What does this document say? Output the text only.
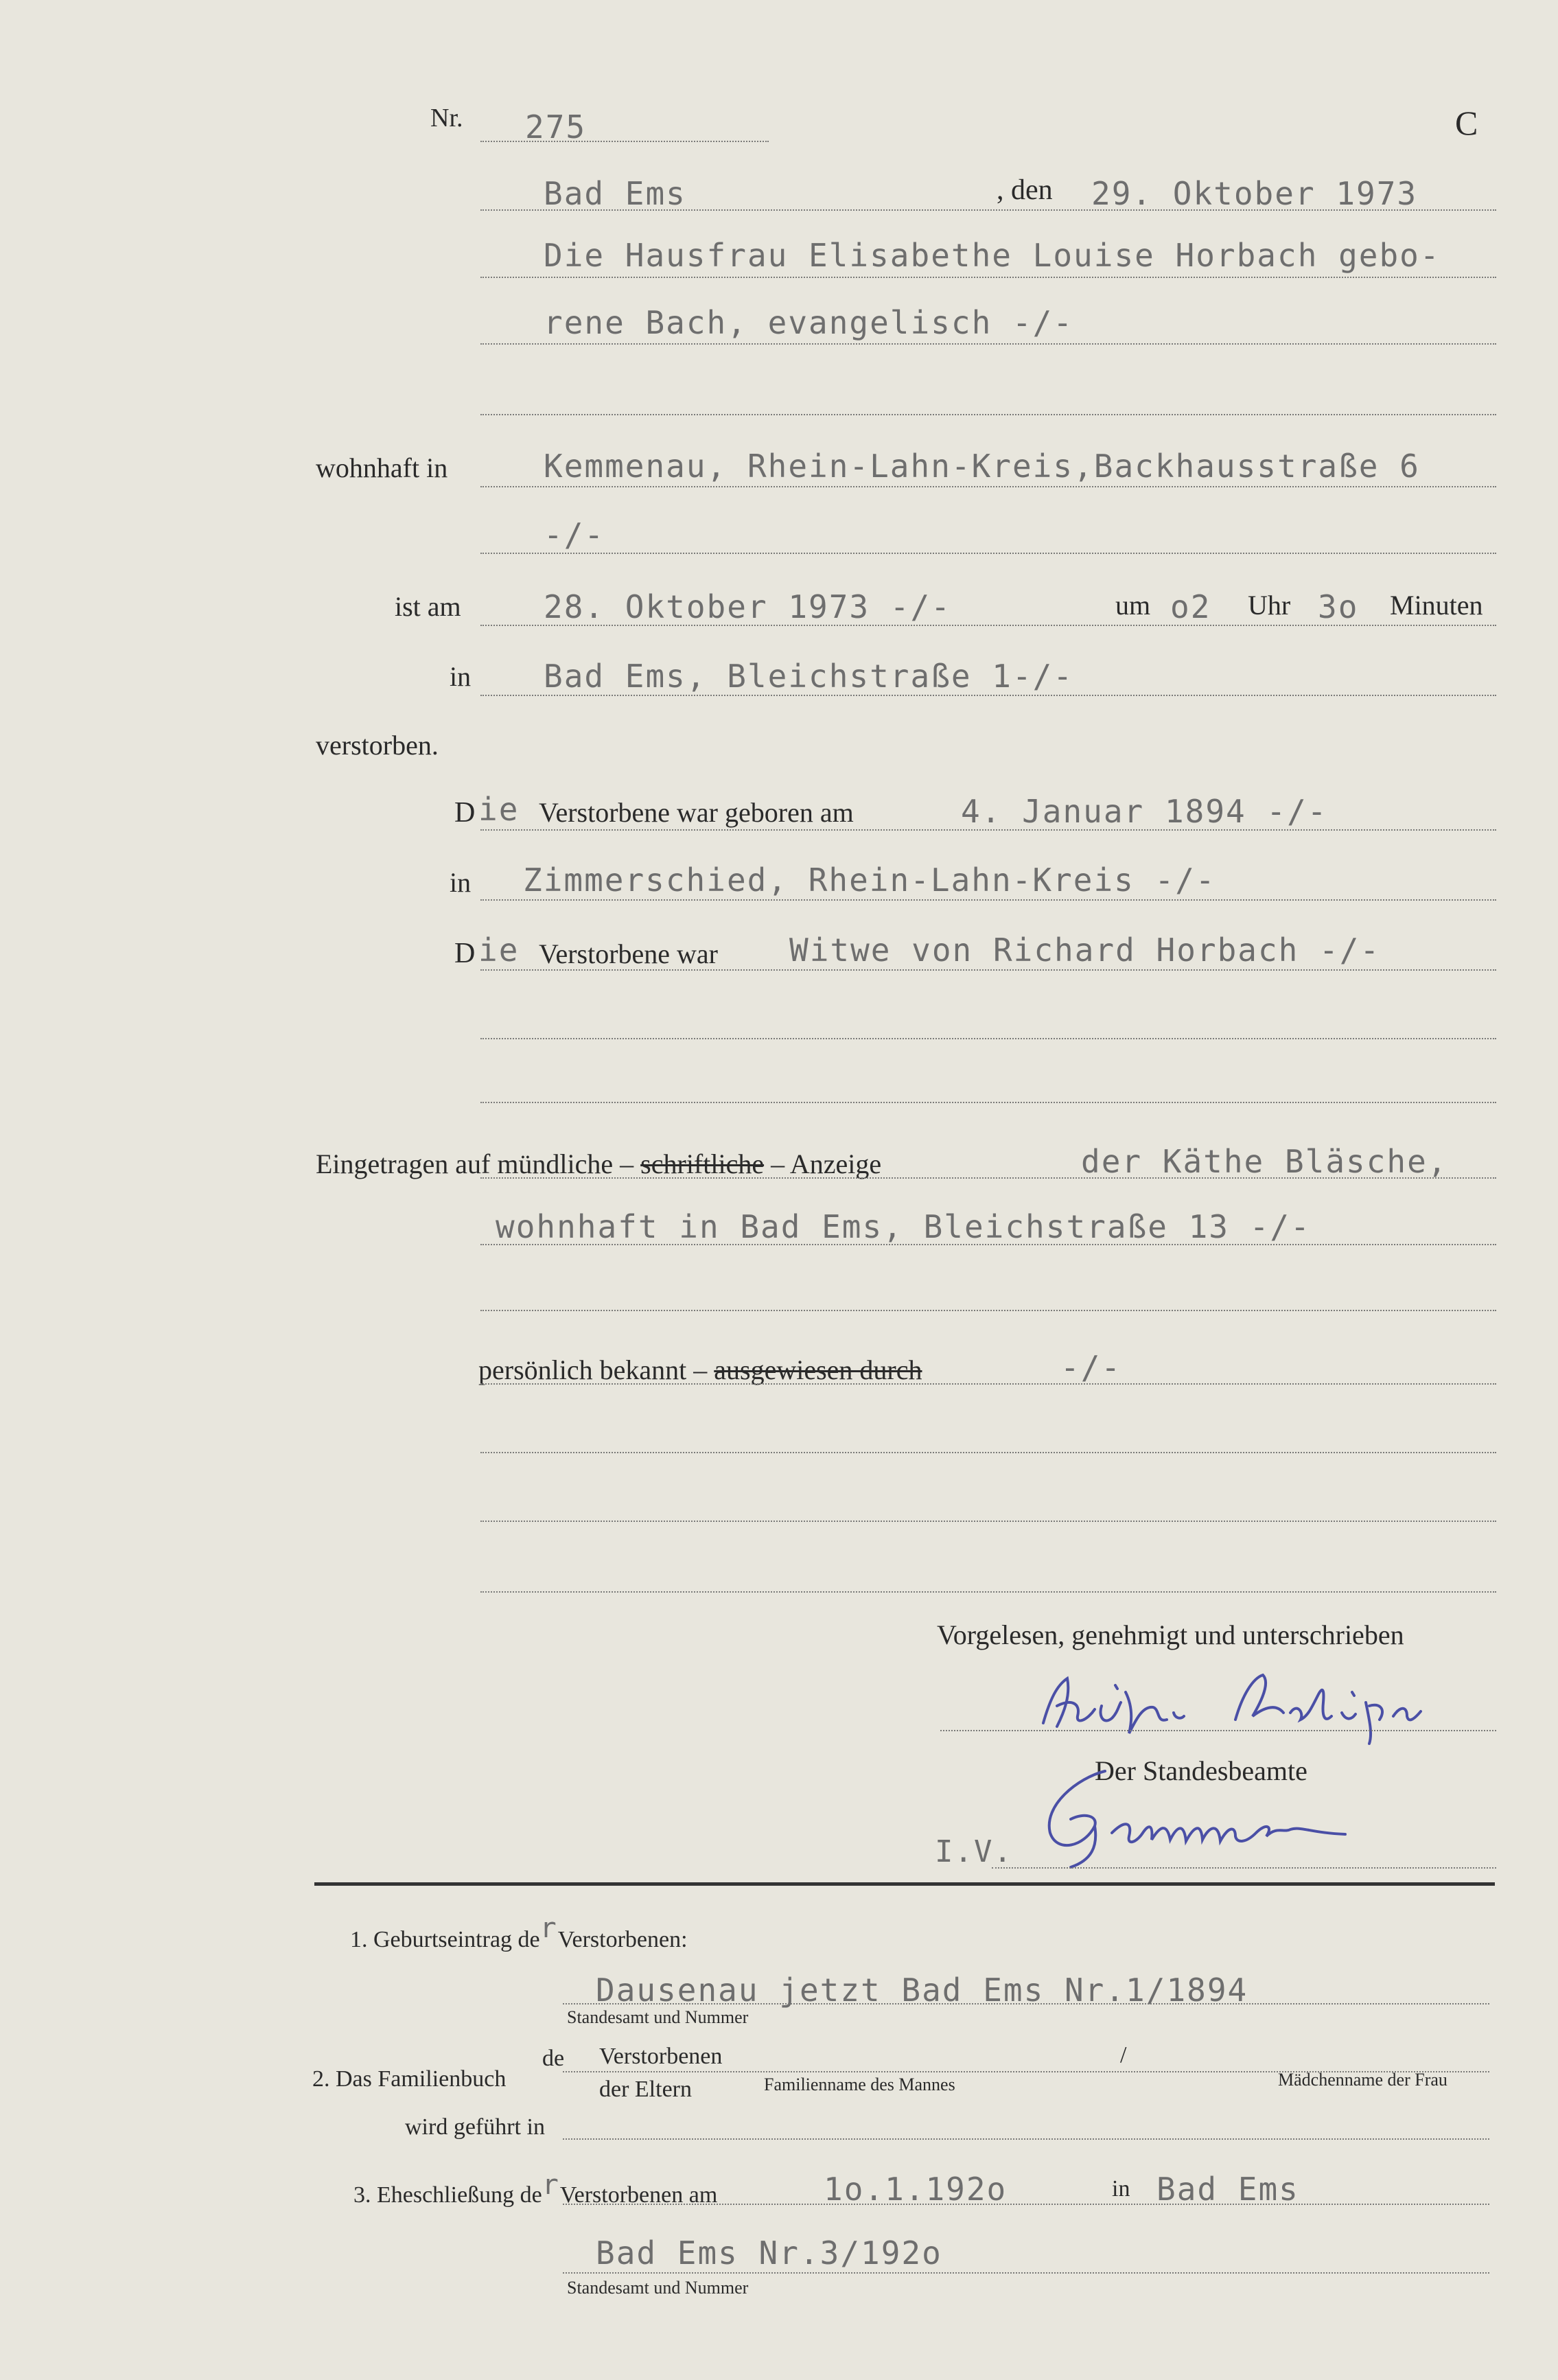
Nr. 275	C
Bad Ems	, den 29. Oktober 1973
Die Hausfrau Elisabethe Louise Horbach gebo-
rene Bach, evangelisch -/-
wohnhaft in	Kemmenau, Rhein-Lahn-Kreis,Backhausstraße 6
-/-
ist am	28. Oktober 1973 -/-	um o2 Uhr 3o Minuten
in Bad Ems, Bleichstraße 1-/-
verstorben.
D ie Verstorbene war geboren am	4. Januar 1894 -/-
in Zimmerschied, Rhein-Lahn-Kreis -/-
D ie Verstorbene war Witwe von Richard Horbach -/-
Eingetragen auf mündliche – schriftliche – Anzeige	der Käthe Bläsche,
wohnhaft in Bad Ems, Bleichstraße 13 -/-
persönlich bekannt – ausgewiesen durch	-/-
Vorgelesen, genehmigt und unterschrieben
Der Standesbeamte
I.V.
1. Geburtseintrag derVerstorbenen:
Dausenau jetzt Bad Ems Nr.1/1894
Standesamt und Nummer
2. Das Familienbuch
de Verstorbenen
der Eltern	Familienname des Mannes
/
Mädchenname der Frau
wird geführt in
3. Eheschließung derVerstorbenen am	1o.1.192o	in Bad Ems
Bad Ems Nr.3/192o
Standesamt und Nummer
